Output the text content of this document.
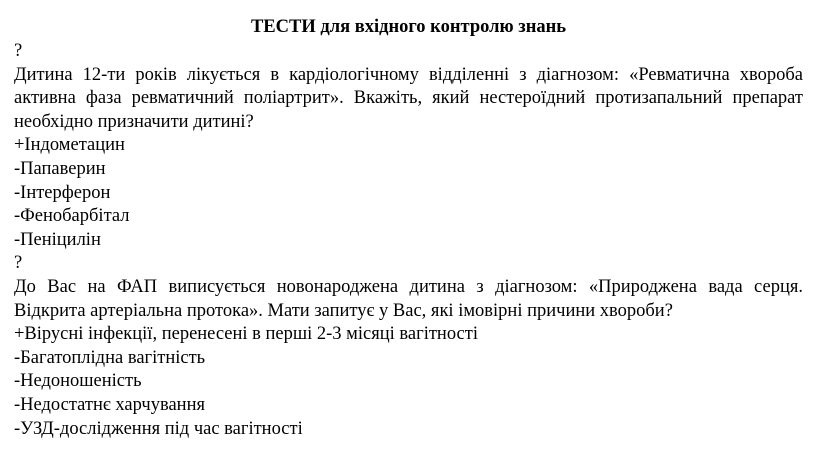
ТЕСТИ для вхідного контролю знань
?
Дитина 12-ти років лікується в кардіологічному відділенні з діагнозом: «Ревматична хвороба активна фаза ревматичний поліартрит». Вкажіть, який нестероїдний протизапальний препарат необхідно призначити дитині?
+Індометацин
-Папаверин
-Інтерферон
-Фенобарбітал
-Пеніцилін
?
До Вас на ФАП виписується новонароджена дитина з діагнозом: «Природжена вада серця. Відкрита артеріальна протока». Мати запитує у Вас, які імовірні причини хвороби?
+Вірусні інфекції, перенесені в перші 2-3 місяці вагітності
-Багатоплідна вагітність
-Недоношеність
-Недостатнє харчування
-УЗД-дослідження під час вагітності
